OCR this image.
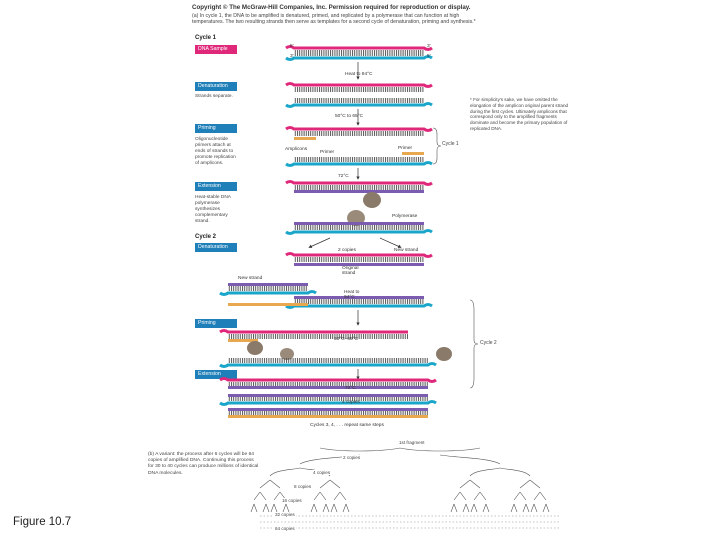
Copyright © The McGraw-Hill Companies, Inc. Permission required for reproduction or display.
(a) In cycle 1, the DNA to be amplified is denatured, primed, and replicated by a polymerase that can function at high temperatures. The two resulting strands then serve as templates for a second cycle of denaturation, priming and synthesis.*
Cycle 1
DNA Sample
Denaturation
Strands separate.
Priming
Oligonucleotide primers attach at ends of strands to promote replication of amplicons.
Extension
Heat-stable DNA polymerase synthesizes complementary strand.
Cycle 2
Denaturation
Priming
Extension
* For simplicity's sake, we have omitted the elongation of the amplicon original parent strand during the first cycles. Ultimately amplicons that correspond only to the amplified fragments dominate and become the primary population of replicated DNA.
5'	3'
3'	5'
Heat to 94°C
50°C to 65°C
Amplicons
Primer
Primer
72°C
Polymerase
Cycle 1
2 copies	New strand
Original strand
New strand
Heat to 94°C
50°C–65°C
72°C
4 copies
Cycle 2
Cycles 3, 4, . . . repeat same steps
(b) A variant: the process after 6 cycles will be 64 copies of amplified DNA. Continuing this process for 30 to 40 cycles can produce millions of identical DNA molecules.
1st fragment
2 copies
4 copies
8 copies
16 copies
32 copies
64 copies
Figure 10.7
